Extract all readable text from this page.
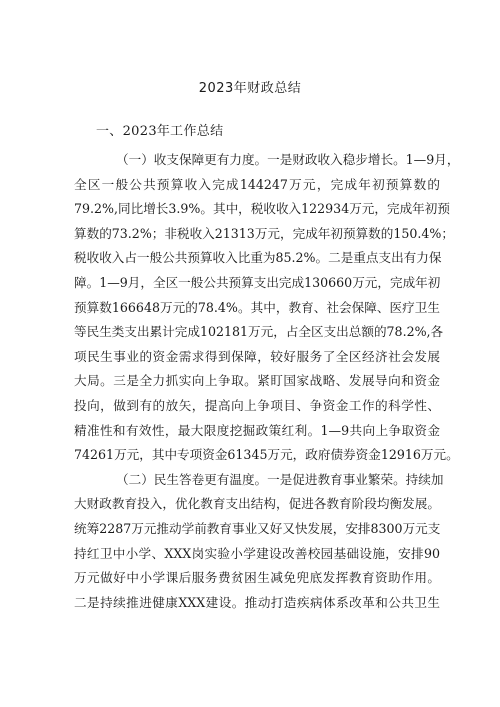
2023年财政总结
一、2023年工作总结
（一）收支保障更有力度。一是财政收入稳步增长。1—9月，
全区一般公共预算收入完成144247万元，完成年初预算数的
79.2%,同比增长3.9%。其中，税收收入122934万元，完成年初预
算数的73.2%；非税收入21313万元，完成年初预算数的150.4%；
税收收入占一般公共预算收入比重为85.2%。二是重点支出有力保
障。1—9月，全区一般公共预算支出完成130660万元，完成年初
预算数166648万元的78.4%。其中，教育、社会保障、医疗卫生
等民生类支出累计完成102181万元，占全区支出总额的78.2%,各
项民生事业的资金需求得到保障，较好服务了全区经济社会发展
大局。三是全力抓实向上争取。紧盯国家战略、发展导向和资金
投向，做到有的放矢，提高向上争项目、争资金工作的科学性、
精准性和有效性，最大限度挖掘政策红利。1—9共向上争取资金
74261万元，其中专项资金61345万元，政府债券资金12916万元。
（二）民生答卷更有温度。一是促进教育事业繁荣。持续加
大财政教育投入，优化教育支出结构，促进各教育阶段均衡发展。
统筹2287万元推动学前教育事业又好又快发展，安排8300万元支
持红卫中小学、XXX岗实验小学建设改善校园基础设施，安排90
万元做好中小学课后服务费贫困生减免兜底发挥教育资助作用。
二是持续推进健康XXX建设。推动打造疾病体系改革和公共卫生
